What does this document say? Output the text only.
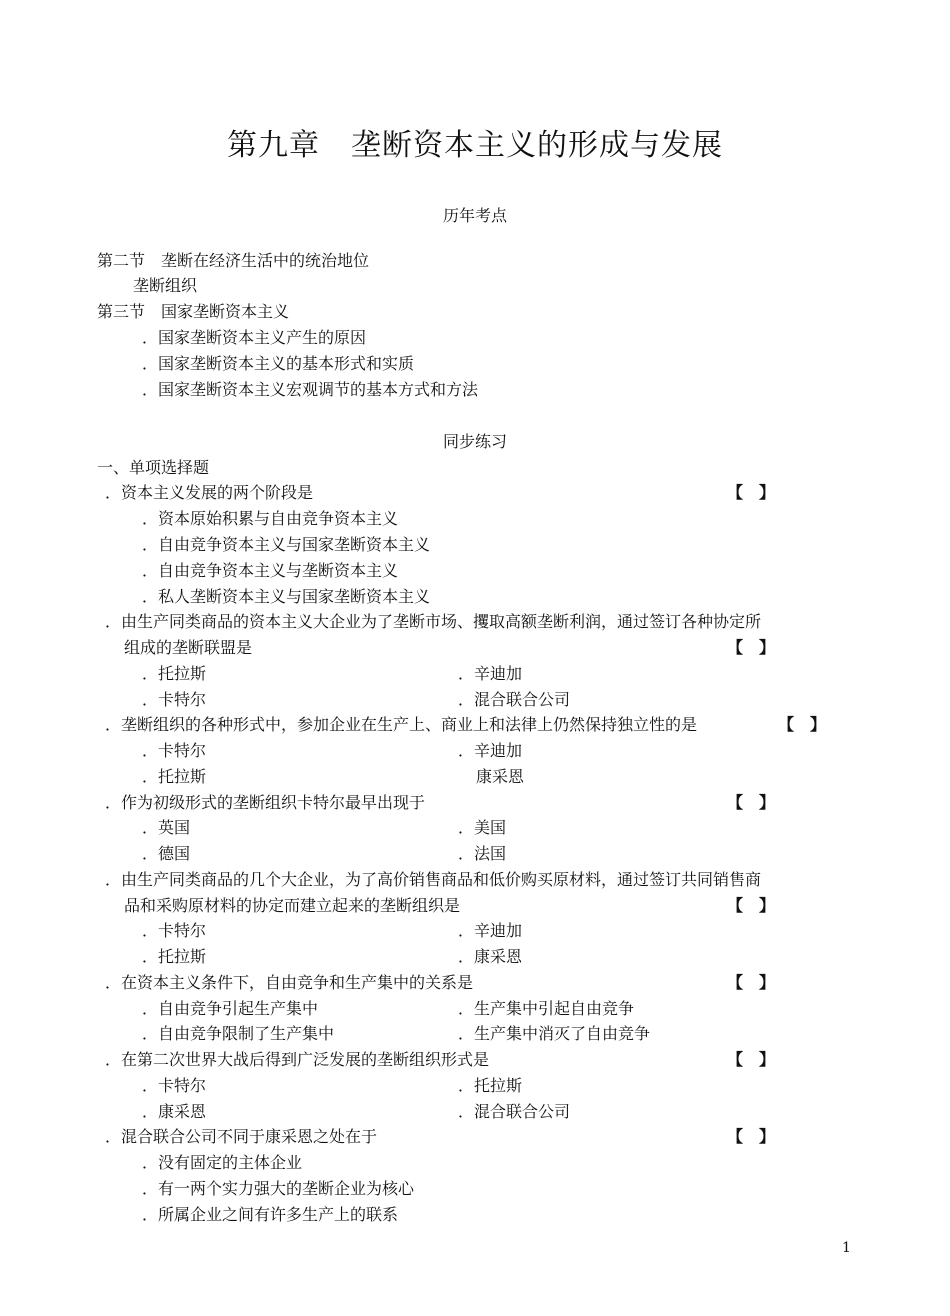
第九章　垄断资本主义的形成与发展
历年考点
第二节　垄断在经济生活中的统治地位
垄断组织
第三节　国家垄断资本主义
．国家垄断资本主义产生的原因
．国家垄断资本主义的基本形式和实质
．国家垄断资本主义宏观调节的基本方式和方法
同步练习
一、单项选择题
．资本主义发展的两个阶段是	【　】
．资本原始积累与自由竞争资本主义
．自由竞争资本主义与国家垄断资本主义
．自由竞争资本主义与垄断资本主义
．私人垄断资本主义与国家垄断资本主义
．由生产同类商品的资本主义大企业为了垄断市场、攫取高额垄断利润，通过签订各种协定所
组成的垄断联盟是	【　】
．托拉斯	．辛迪加
．卡特尔	．混合联合公司
．垄断组织的各种形式中，参加企业在生产上、商业上和法律上仍然保持独立性的是	【　】
．卡特尔	．辛迪加
．托拉斯	康采恩
．作为初级形式的垄断组织卡特尔最早出现于	【　】
．英国	．美国
．德国	．法国
．由生产同类商品的几个大企业，为了高价销售商品和低价购买原材料，通过签订共同销售商
品和采购原材料的协定而建立起来的垄断组织是	【　】
．卡特尔	．辛迪加
．托拉斯	．康采恩
．在资本主义条件下，自由竞争和生产集中的关系是	【　】
．自由竞争引起生产集中	．生产集中引起自由竞争
．自由竞争限制了生产集中	．生产集中消灭了自由竞争
．在第二次世界大战后得到广泛发展的垄断组织形式是	【　】
．卡特尔	．托拉斯
．康采恩	．混合联合公司
．混合联合公司不同于康采恩之处在于	【　】
．没有固定的主体企业
．有一两个实力强大的垄断企业为核心
．所属企业之间有许多生产上的联系
1
